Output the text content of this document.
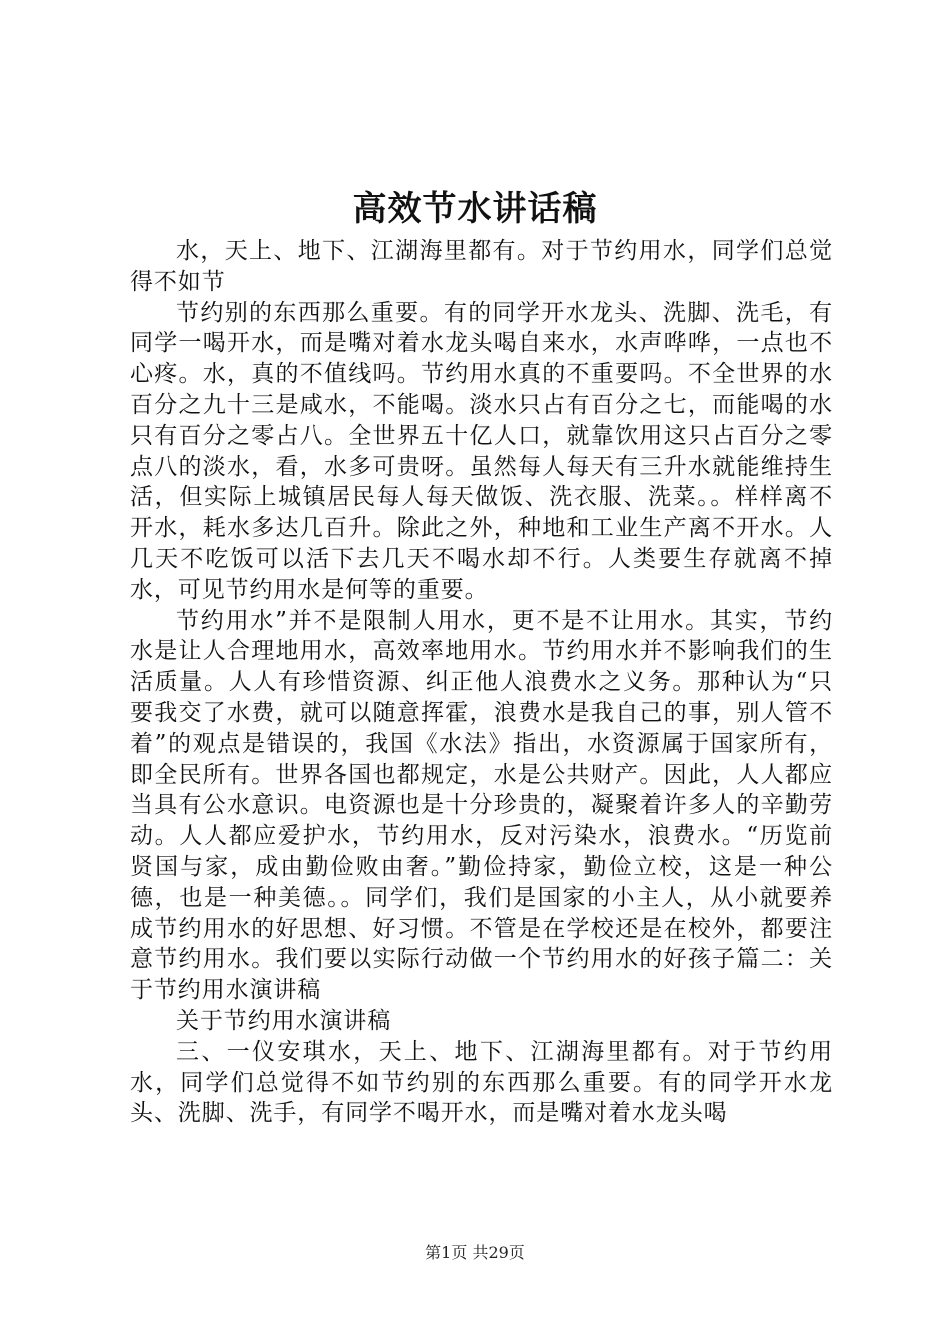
高效节水讲话稿

水，天上、地下、江湖海里都有。对于节约用水，同学们总觉得不如节

节约别的东西那么重要。有的同学开水龙头、洗脚、洗毛，有同学一喝开水，而是嘴对着水龙头喝自来水，水声哗哗，一点也不心疼。水，真的不值线吗。节约用水真的不重要吗。不全世界的水百分之九十三是咸水，不能喝。淡水只占有百分之七，而能喝的水只有百分之零占八。全世界五十亿人口，就靠饮用这只占百分之零点八的淡水，看，水多可贵呀。虽然每人每天有三升水就能维持生活，但实际上城镇居民每人每天做饭、洗衣服、洗菜。。样样离不开水，耗水多达几百升。除此之外，种地和工业生产离不开水。人几天不吃饭可以活下去几天不喝水却不行。人类要生存就离不掉水，可见节约用水是何等的重要。

节约用水”并不是限制人用水，更不是不让用水。其实，节约水是让人合理地用水，高效率地用水。节约用水并不影响我们的生活质量。人人有珍惜资源、纠正他人浪费水之义务。那种认为“只要我交了水费，就可以随意挥霍，浪费水是我自己的事，别人管不着”的观点是错误的，我国《水法》指出，水资源属于国家所有，即全民所有。世界各国也都规定，水是公共财产。因此，人人都应当具有公水意识。电资源也是十分珍贵的，凝聚着许多人的辛勤劳动。人人都应爱护水，节约用水，反对污染水，浪费水。“历览前贤国与家，成由勤俭败由奢。”勤俭持家，勤俭立校，这是一种公德，也是一种美德。。同学们，我们是国家的小主人，从小就要养成节约用水的好思想、好习惯。不管是在学校还是在校外，都要注意节约用水。我们要以实际行动做一个节约用水的好孩子篇二：关于节约用水演讲稿

关于节约用水演讲稿

三、一仪安琪水，天上、地下、江湖海里都有。对于节约用水，同学们总觉得不如节约别的东西那么重要。有的同学开水龙头、洗脚、洗手，有同学不喝开水，而是嘴对着水龙头喝

第1页 共29页
